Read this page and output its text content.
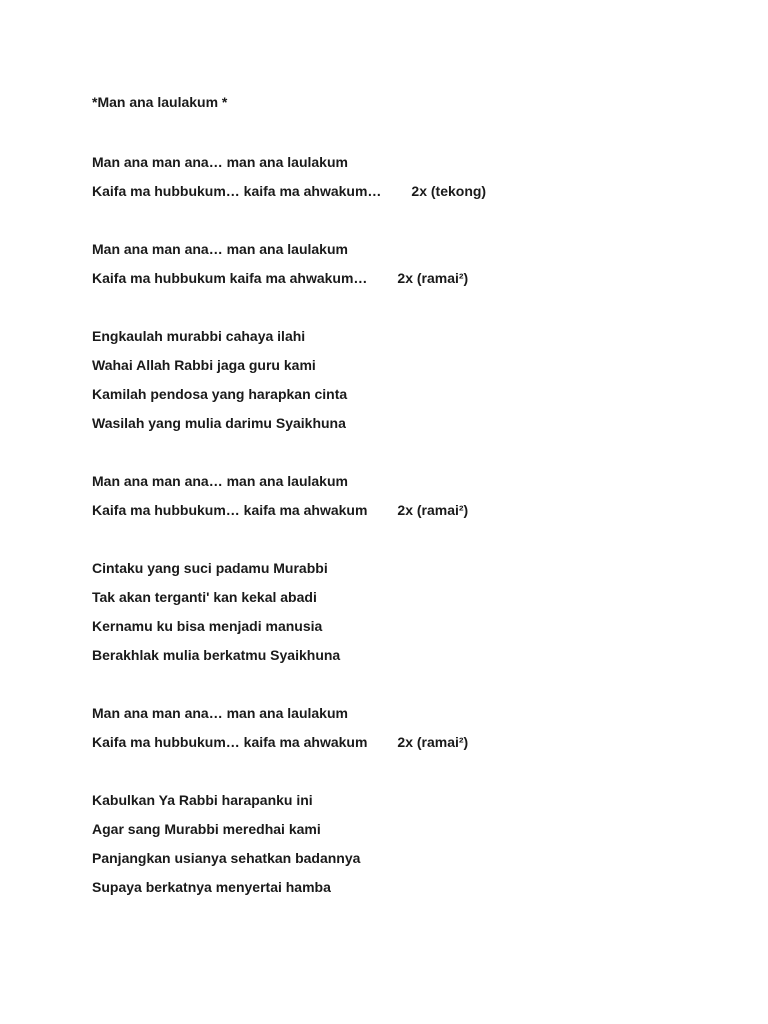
*Man ana laulakum *
Man ana man ana… man ana laulakum
Kaifa ma hubbukum… kaifa ma ahwakum… 2x (tekong)
Man ana man ana… man ana laulakum
Kaifa ma hubbukum kaifa ma ahwakum… 2x (ramai²)
Engkaulah murabbi cahaya ilahi
Wahai Allah Rabbi jaga guru kami
Kamilah pendosa yang harapkan cinta
Wasilah yang mulia darimu Syaikhuna
Man ana man ana… man ana laulakum
Kaifa ma hubbukum… kaifa ma ahwakum 2x (ramai²)
Cintaku yang suci padamu Murabbi
Tak akan terganti' kan kekal abadi
Kernamu ku bisa menjadi manusia
Berakhlak mulia berkatmu Syaikhuna
Man ana man ana… man ana laulakum
Kaifa ma hubbukum… kaifa ma ahwakum 2x (ramai²)
Kabulkan Ya Rabbi harapanku ini
Agar sang Murabbi meredhai kami
Panjangkan usianya sehatkan badannya
Supaya berkatnya menyertai hamba
